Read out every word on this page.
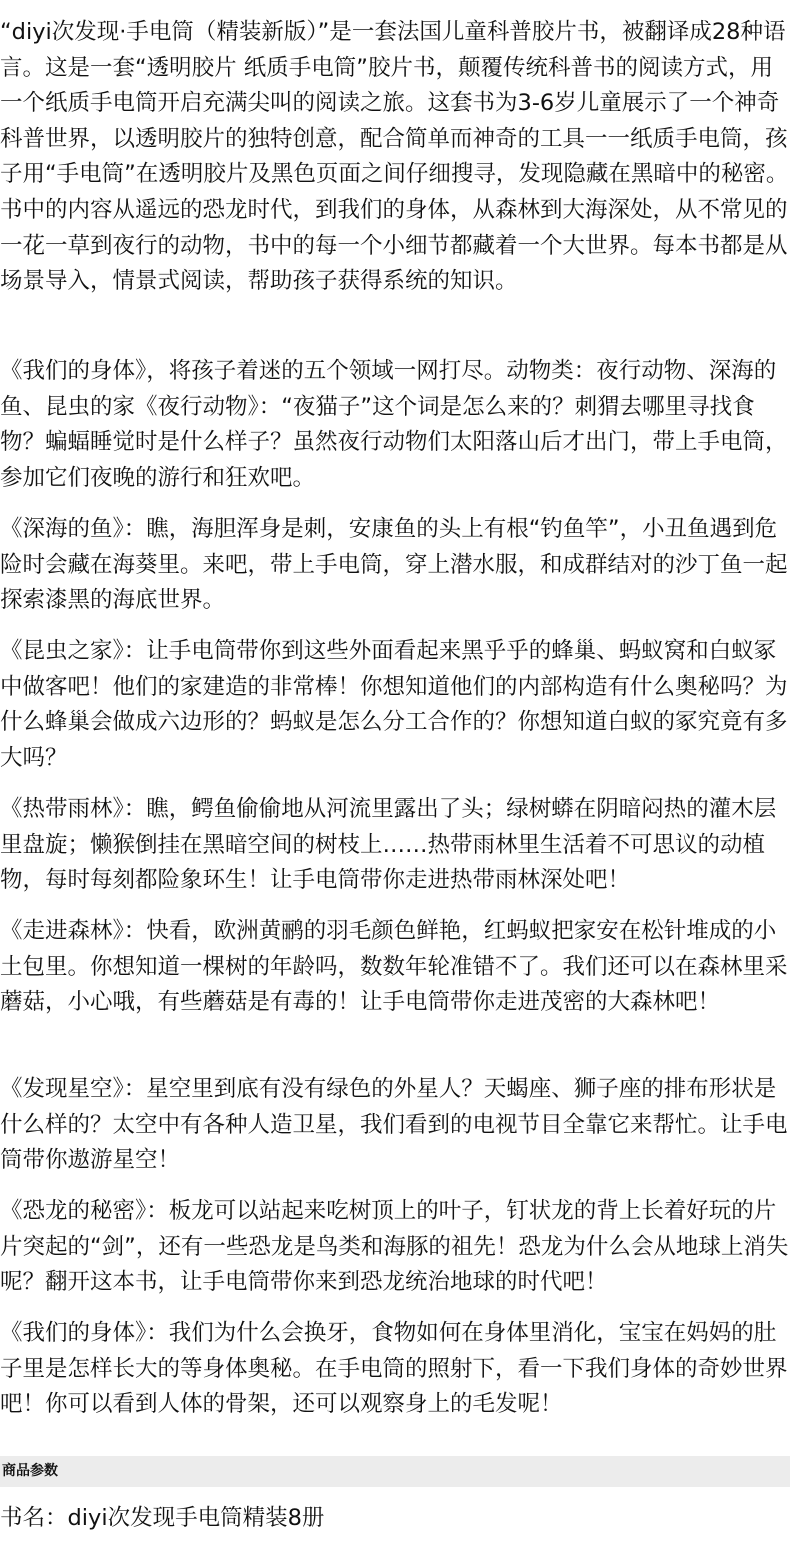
“diyi次发现·手电筒（精装新版）”是一套法国儿童科普胶片书，被翻译成28种语言。这是一套“透明胶片 纸质手电筒”胶片书，颠覆传统科普书的阅读方式，用一个纸质手电筒开启充满尖叫的阅读之旅。这套书为3-6岁儿童展示了一个神奇科普世界，以透明胶片的独特创意，配合简单而神奇的工具一一纸质手电筒，孩子用“手电筒”在透明胶片及黑色页面之间仔细搜寻，发现隐藏在黑暗中的秘密。书中的内容从遥远的恐龙时代，到我们的身体，从森林到大海深处，从不常见的一花一草到夜行的动物，书中的每一个小细节都藏着一个大世界。每本书都是从场景导入，情景式阅读，帮助孩子获得系统的知识。

《我们的身体》，将孩子着迷的五个领域一网打尽。动物类：夜行动物、深海的鱼、昆虫的家《夜行动物》：“夜猫子”这个词是怎么来的？刺猬去哪里寻找食物？蝙蝠睡觉时是什么样子？虽然夜行动物们太阳落山后才出门，带上手电筒，参加它们夜晚的游行和狂欢吧。

《深海的鱼》：瞧，海胆浑身是刺，安康鱼的头上有根“钓鱼竿”，小丑鱼遇到危险时会藏在海葵里。来吧，带上手电筒，穿上潜水服，和成群结对的沙丁鱼一起探索漆黑的海底世界。

《昆虫之家》：让手电筒带你到这些外面看起来黑乎乎的蜂巢、蚂蚁窝和白蚁冢中做客吧！他们的家建造的非常棒！你想知道他们的内部构造有什么奥秘吗？为什么蜂巢会做成六边形的？蚂蚁是怎么分工合作的？你想知道白蚁的冢究竟有多大吗？

《热带雨林》：瞧，鳄鱼偷偷地从河流里露出了头；绿树蟒在阴暗闷热的灌木层里盘旋；懒猴倒挂在黑暗空间的树枝上……热带雨林里生活着不可思议的动植物，每时每刻都险象环生！让手电筒带你走进热带雨林深处吧！

《走进森林》：快看，欧洲黄鹂的羽毛颜色鲜艳，红蚂蚁把家安在松针堆成的小土包里。你想知道一棵树的年龄吗，数数年轮准错不了。我们还可以在森林里采蘑菇，小心哦，有些蘑菇是有毒的！让手电筒带你走进茂密的大森林吧！

《发现星空》：星空里到底有没有绿色的外星人？天蝎座、狮子座的排布形状是什么样的？太空中有各种人造卫星，我们看到的电视节目全靠它来帮忙。让手电筒带你遨游星空！

《恐龙的秘密》：板龙可以站起来吃树顶上的叶子，钉状龙的背上长着好玩的片片突起的“剑”，还有一些恐龙是鸟类和海豚的祖先！恐龙为什么会从地球上消失呢？翻开这本书，让手电筒带你来到恐龙统治地球的时代吧！

《我们的身体》：我们为什么会换牙，食物如何在身体里消化，宝宝在妈妈的肚子里是怎样长大的等身体奥秘。在手电筒的照射下，看一下我们身体的奇妙世界吧！你可以看到人体的骨架，还可以观察身上的毛发呢！

商品参数
书名：diyi次发现手电筒精装8册
